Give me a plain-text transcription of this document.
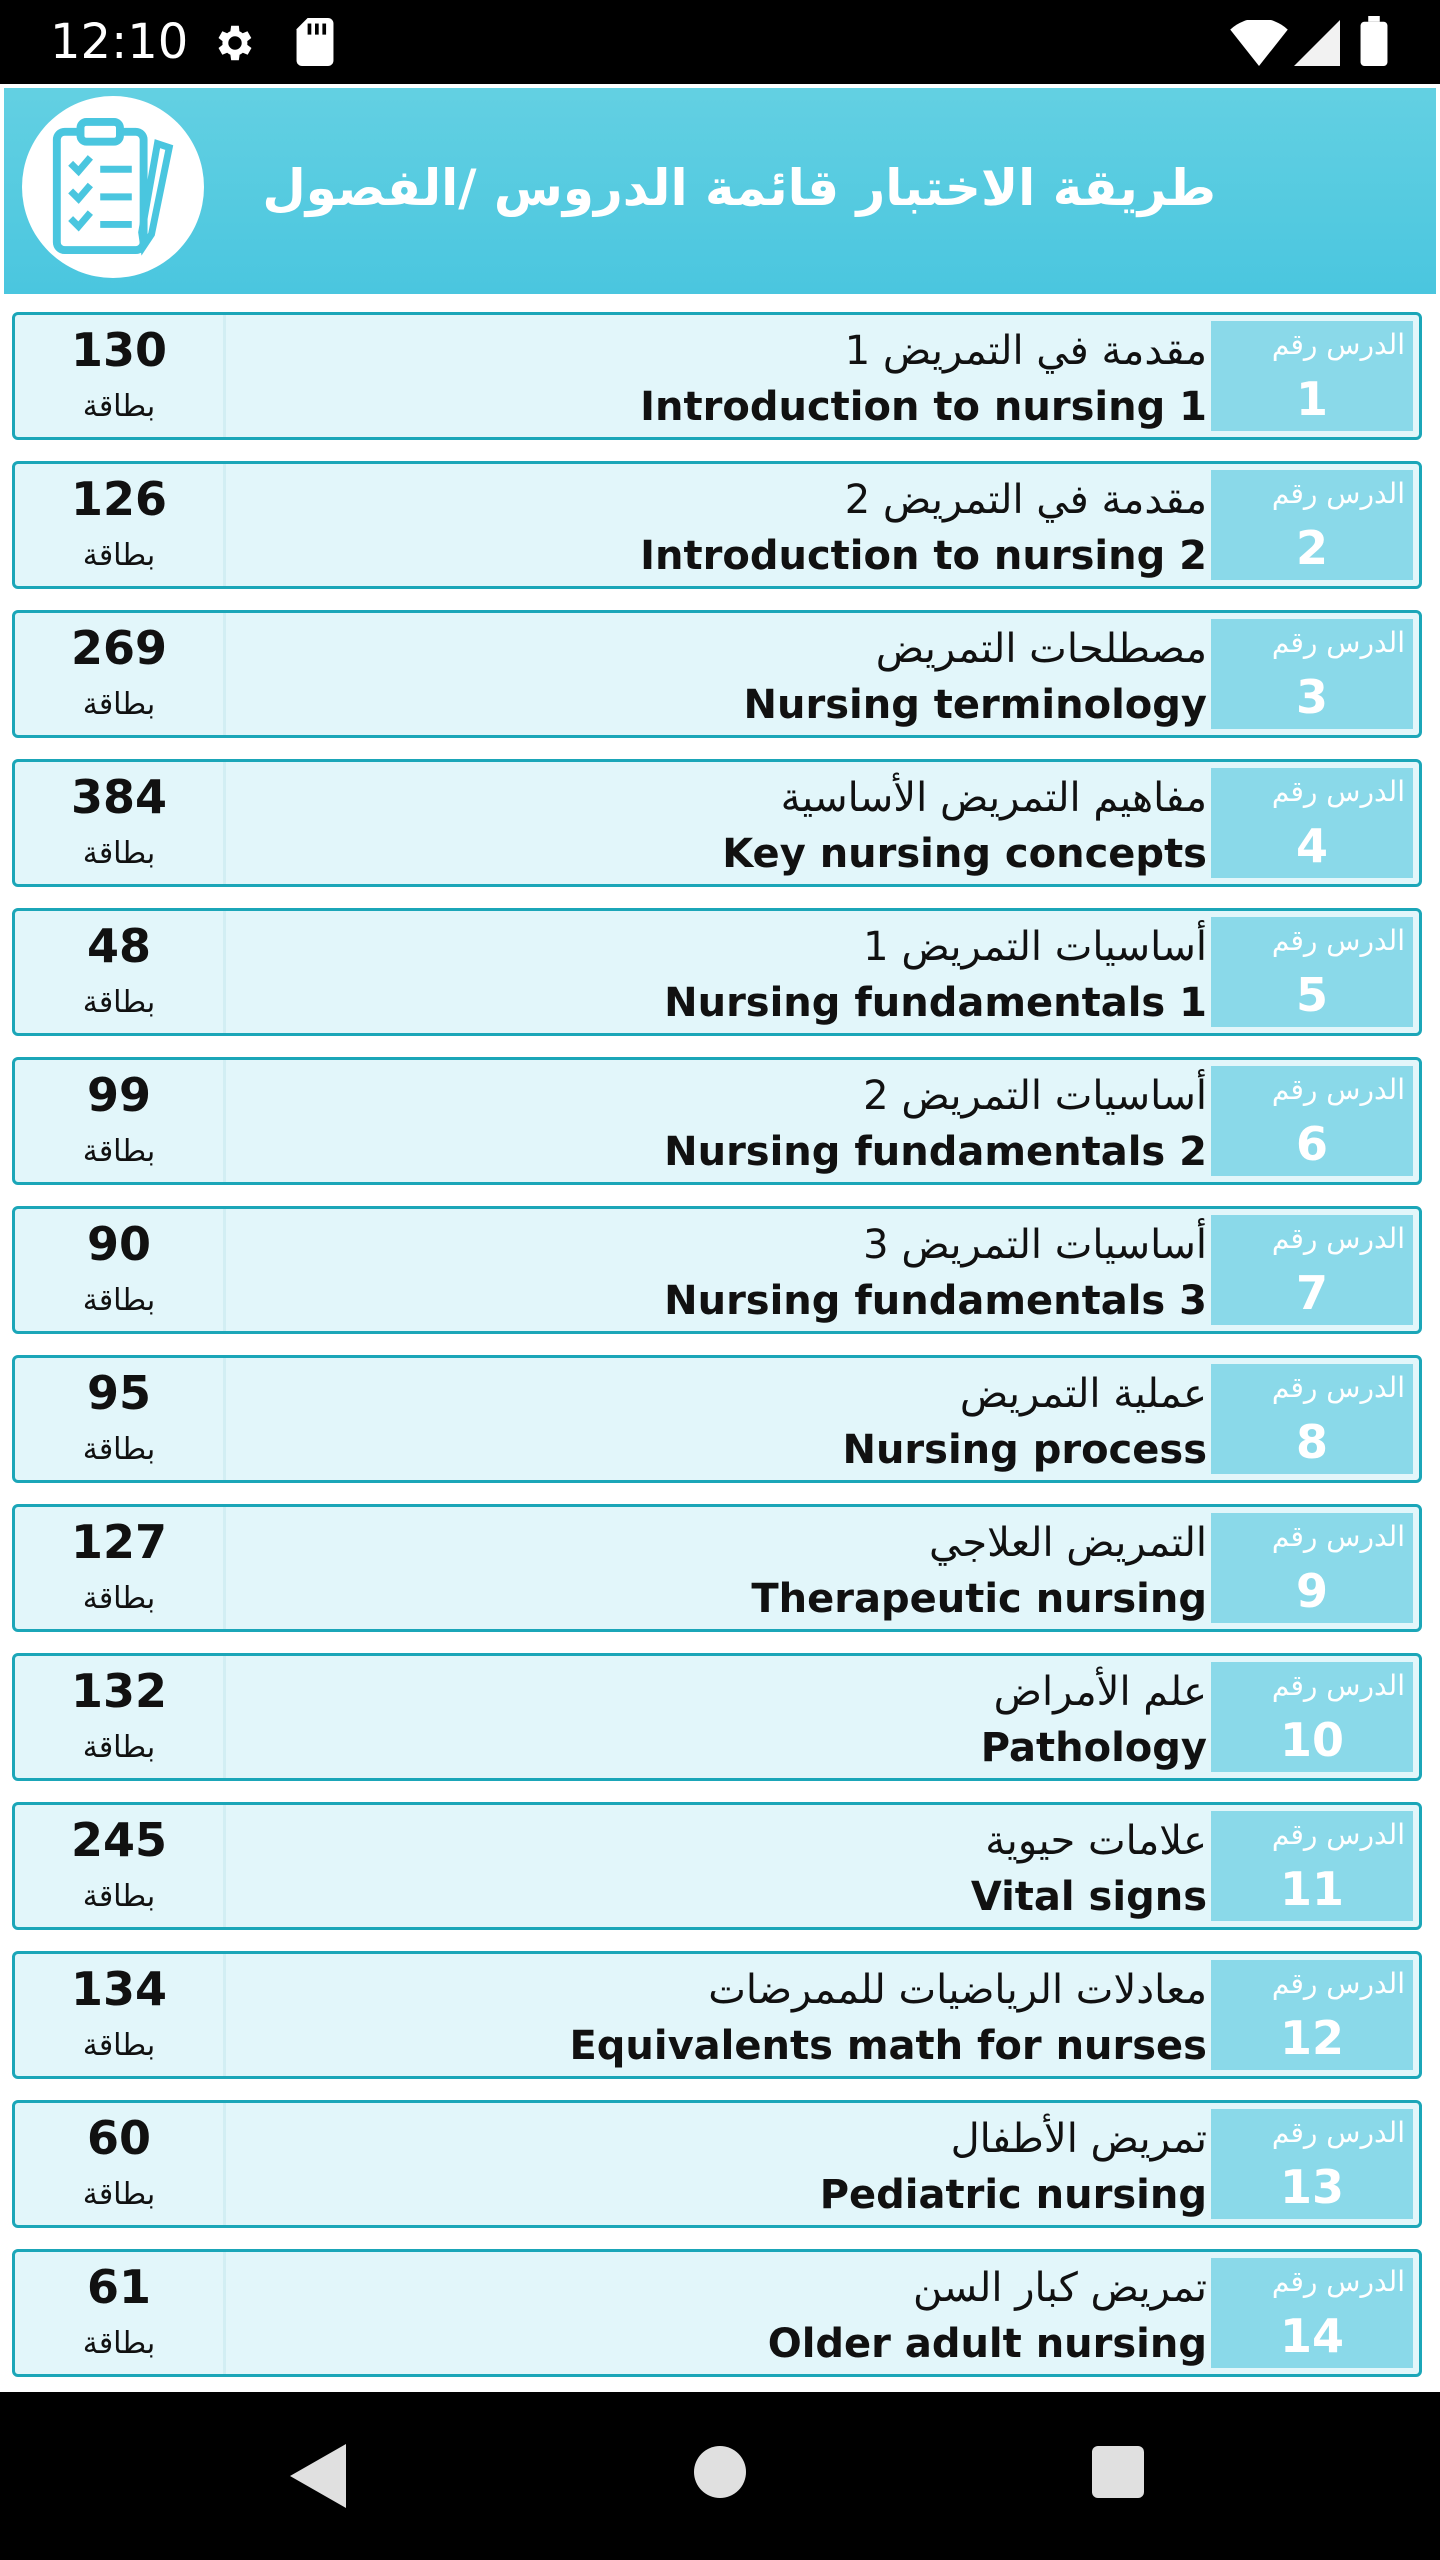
12:10
طريقة الاختبار قائمة الدروس /الفصول
130
بطاقة
مقدمة في التمريض 1
Introduction to nursing 1
الدرس رقم
1
126
بطاقة
مقدمة في التمريض 2
Introduction to nursing 2
الدرس رقم
2
269
بطاقة
مصطلحات التمريض
Nursing terminology
الدرس رقم
3
384
بطاقة
مفاهيم التمريض الأساسية
Key nursing concepts
الدرس رقم
4
48
بطاقة
أساسيات التمريض 1
Nursing fundamentals 1
الدرس رقم
5
99
بطاقة
أساسيات التمريض 2
Nursing fundamentals 2
الدرس رقم
6
90
بطاقة
أساسيات التمريض 3
Nursing fundamentals 3
الدرس رقم
7
95
بطاقة
عملية التمريض
Nursing process
الدرس رقم
8
127
بطاقة
التمريض العلاجي
Therapeutic nursing
الدرس رقم
9
132
بطاقة
علم الأمراض
Pathology
الدرس رقم
10
245
بطاقة
علامات حيوية
Vital signs
الدرس رقم
11
134
بطاقة
معادلات الرياضيات للممرضات
Equivalents math for nurses
الدرس رقم
12
60
بطاقة
تمريض الأطفال
Pediatric nursing
الدرس رقم
13
61
بطاقة
تمريض كبار السن
Older adult nursing
الدرس رقم
14
